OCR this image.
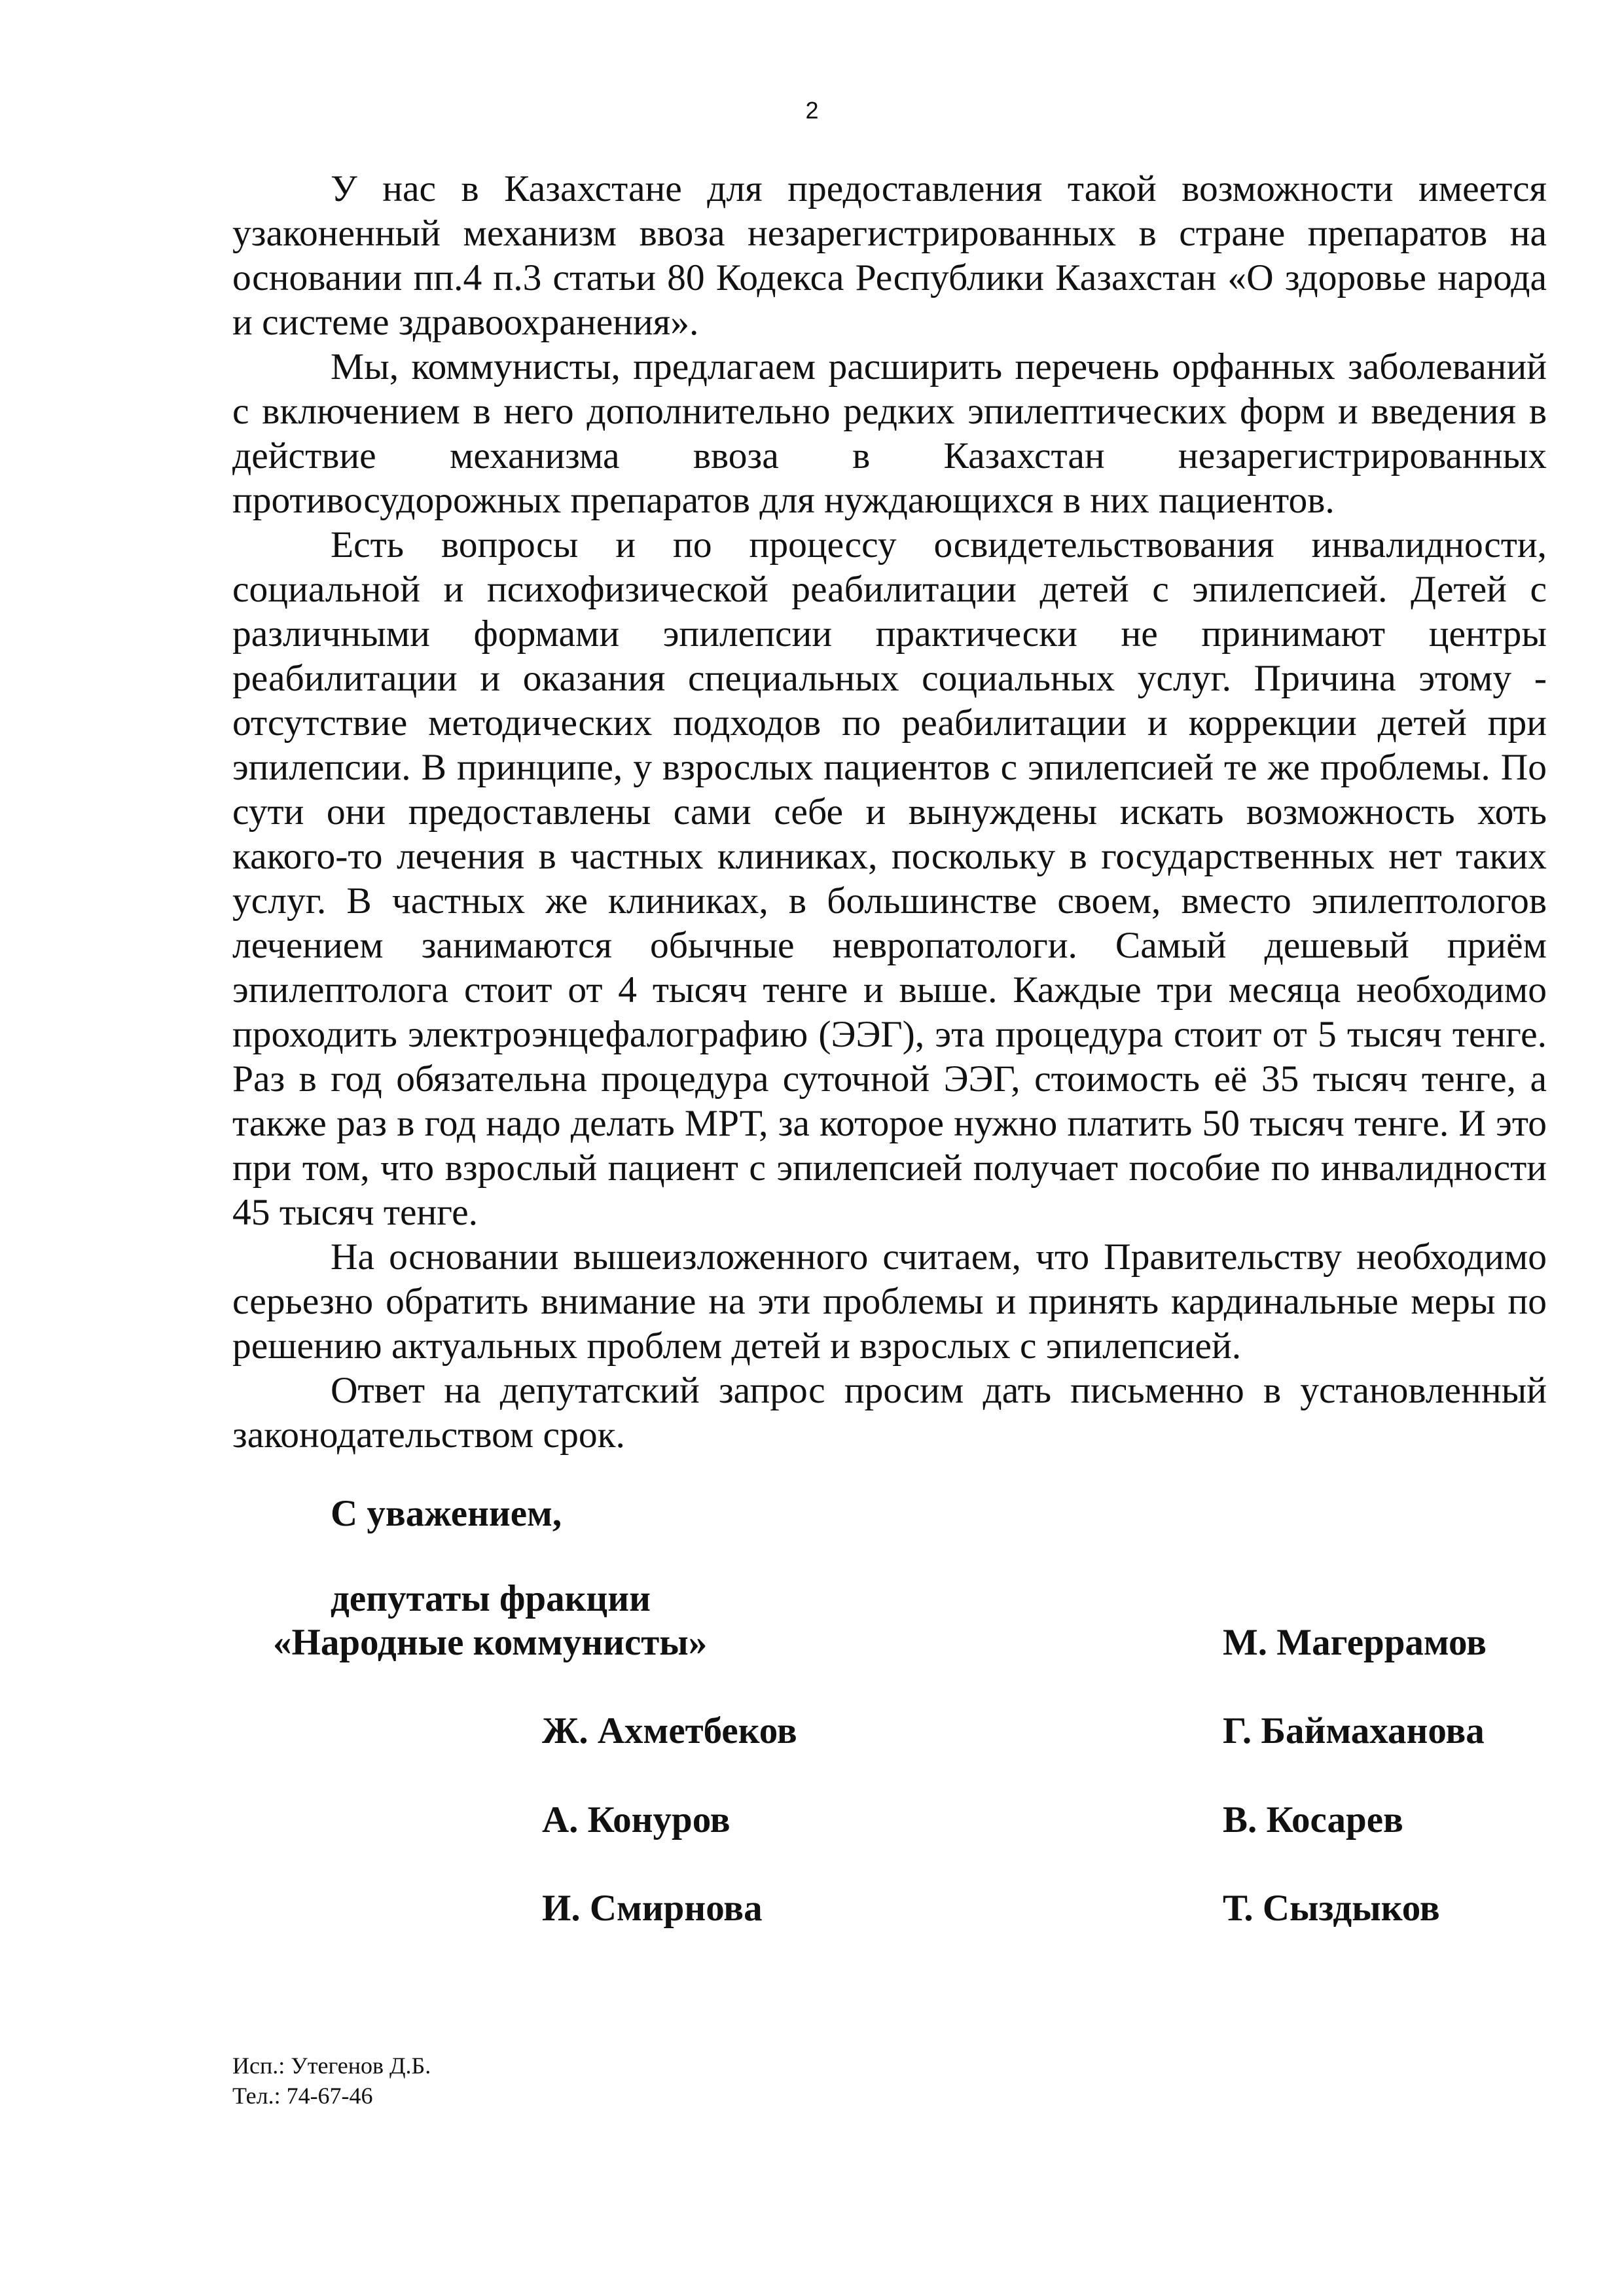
2

У нас в Казахстане для предоставления такой возможности имеется узаконенный механизм ввоза незарегистрированных в стране препаратов на основании пп.4 п.3 статьи 80 Кодекса Республики Казахстан «О здоровье народа и системе здравоохранения».

Мы, коммунисты, предлагаем расширить перечень орфанных заболеваний с включением в него дополнительно редких эпилептических форм и введения в действие механизма ввоза в Казахстан незарегистрированных противосудорожных препаратов для нуждающихся в них пациентов.

Есть вопросы и по процессу освидетельствования инвалидности, социальной и психофизической реабилитации детей с эпилепсией. Детей с различными формами эпилепсии практически не принимают центры реабилитации и оказания специальных социальных услуг. Причина этому - отсутствие методических подходов по реабилитации и коррекции детей при эпилепсии. В принципе, у взрослых пациентов с эпилепсией те же проблемы. По сути они предоставлены сами себе и вынуждены искать возможность хоть какого-то лечения в частных клиниках, поскольку в государственных нет таких услуг. В частных же клиниках, в большинстве своем, вместо эпилептологов лечением занимаются обычные невропатологи. Самый дешевый приём эпилептолога стоит от 4 тысяч тенге и выше. Каждые три месяца необходимо проходить электроэнцефалографию (ЭЭГ), эта процедура стоит от 5 тысяч тенге. Раз в год обязательна процедура суточной ЭЭГ, стоимость её 35 тысяч тенге, а также раз в год надо делать МРТ, за которое нужно платить 50 тысяч тенге. И это при том, что взрослый пациент с эпилепсией получает пособие по инвалидности 45 тысяч тенге.

На основании вышеизложенного считаем, что Правительству необходимо серьезно обратить внимание на эти проблемы и принять кардинальные меры по решению актуальных проблем детей и взрослых с эпилепсией.

Ответ на депутатский запрос просим дать письменно в установленный законодательством срок.

С уважением,
депутаты фракции
«Народные коммунисты»	М. Магеррамов
Ж. Ахметбеков	Г. Баймаханова
А. Конуров	В. Косарев
И. Смирнова	Т. Сыздыков
Исп.: Утегенов Д.Б.
Тел.: 74-67-46
